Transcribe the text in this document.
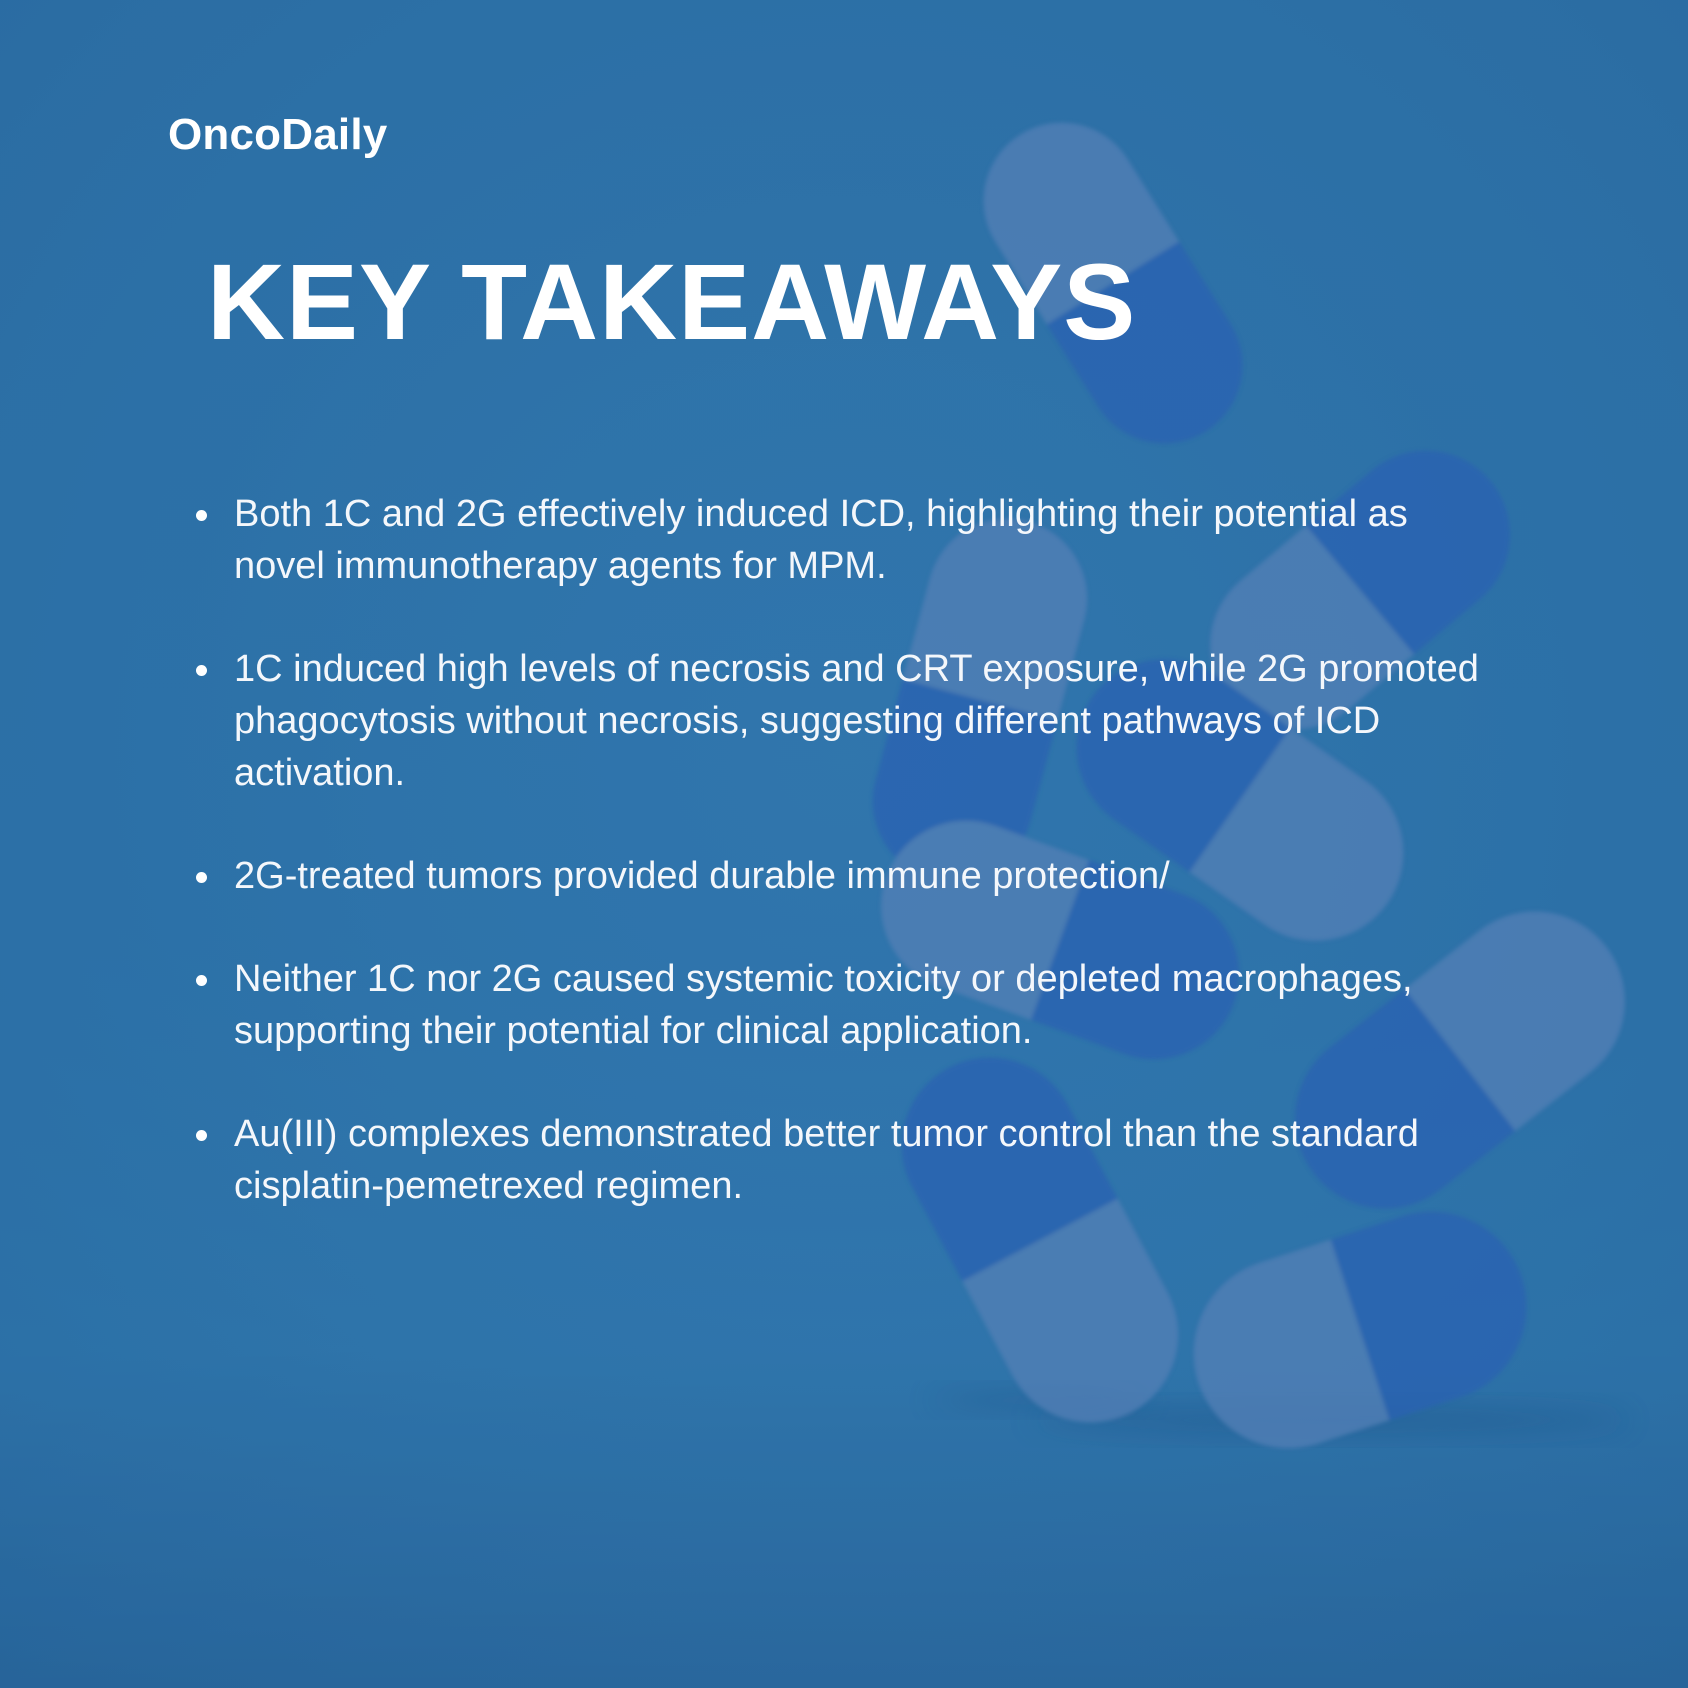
OncoDaily
KEY TAKEAWAYS
Both 1C and 2G effectively induced ICD, highlighting their potential as novel immunotherapy agents for MPM.
1C induced high levels of necrosis and CRT exposure, while 2G promoted phagocytosis without necrosis, suggesting different pathways of ICD activation.
2G-treated tumors provided durable immune protection/
Neither 1C nor 2G caused systemic toxicity or depleted macrophages, supporting their potential for clinical application.
Au(III) complexes demonstrated better tumor control than the standard cisplatin-pemetrexed regimen.
